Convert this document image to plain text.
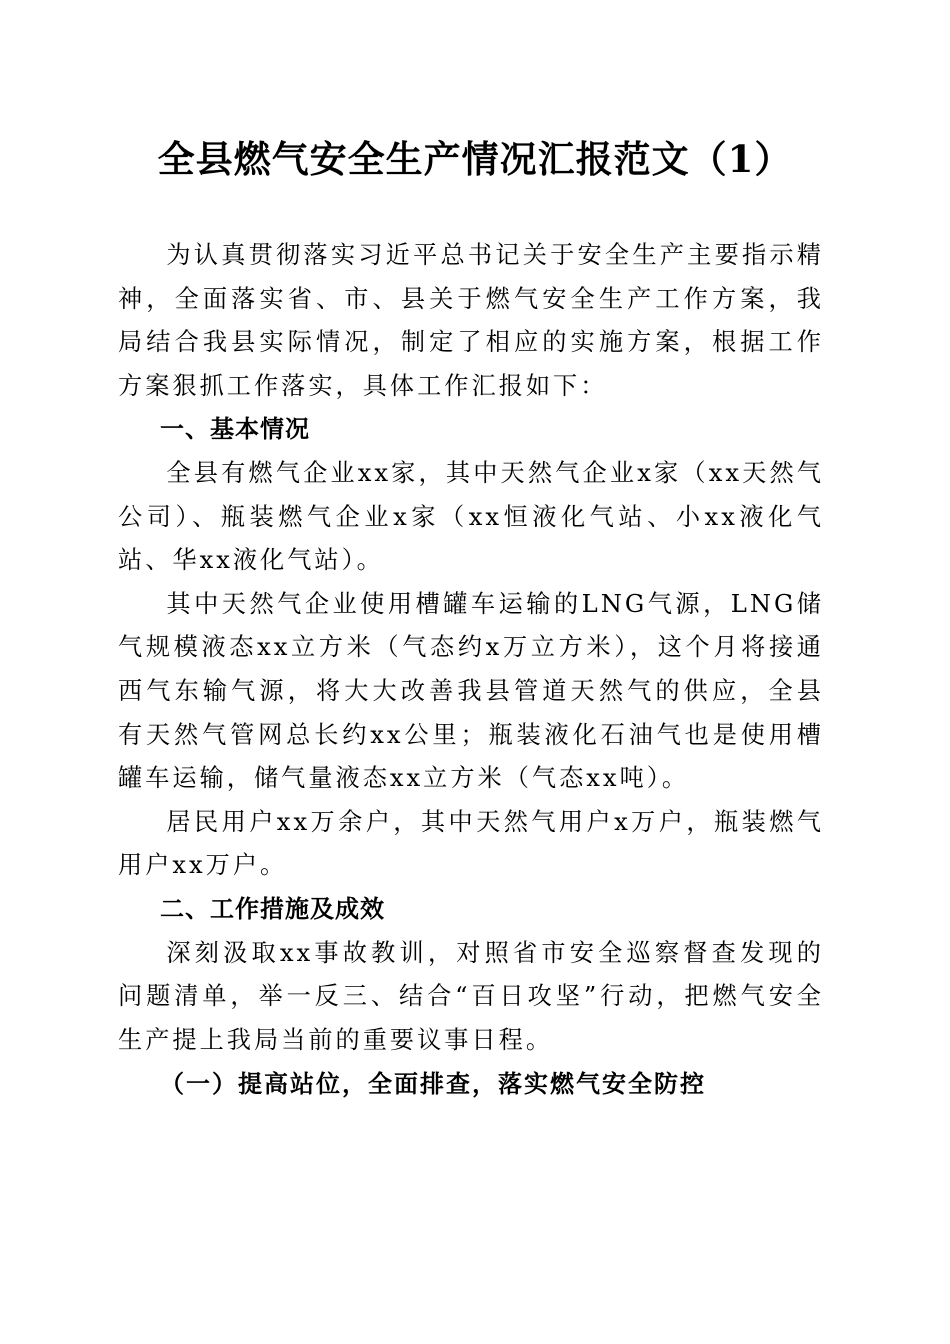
全县燃气安全生产情况汇报范文（1）

为认真贯彻落实习近平总书记关于安全生产主要指示精神，全面落实省、市、县关于燃气安全生产工作方案，我局结合我县实际情况，制定了相应的实施方案，根据工作方案狠抓工作落实，具体工作汇报如下：

一、基本情况

全县有燃气企业xx家，其中天然气企业x家（xx天然气公司）、瓶装燃气企业x家（xx恒液化气站、小xx液化气站、华xx液化气站）。

其中天然气企业使用槽罐车运输的LNG气源，LNG储气规模液态xx立方米（气态约x万立方米），这个月将接通西气东输气源，将大大改善我县管道天然气的供应，全县有天然气管网总长约xx公里；瓶装液化石油气也是使用槽罐车运输，储气量液态xx立方米（气态xx吨）。

居民用户xx万余户，其中天然气用户x万户，瓶装燃气用户xx万户。

二、工作措施及成效

深刻汲取xx事故教训，对照省市安全巡察督查发现的问题清单，举一反三、结合“百日攻坚”行动，把燃气安全生产提上我局当前的重要议事日程。

（一）提高站位，全面排查，落实燃气安全防控
